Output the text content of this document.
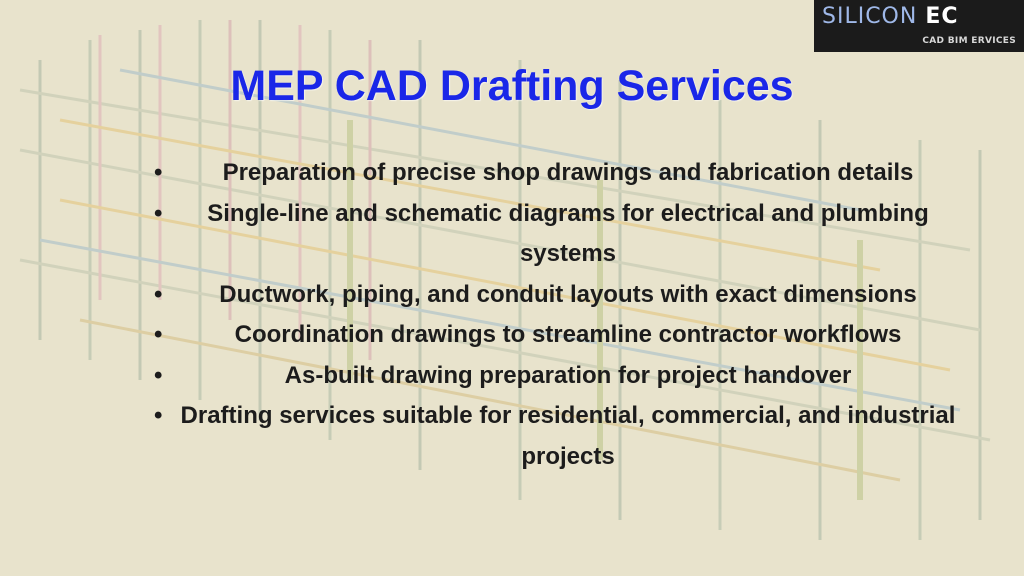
SILICON EC
CAD BIM ERVICES
MEP CAD Drafting Services
•	Preparation of precise shop drawings and fabrication details
• Single-line and schematic diagrams for electrical and plumbing systems
• Ductwork, piping, and conduit layouts with exact dimensions
•	Coordination drawings to streamline contractor workflows
•	As-built drawing preparation for project handover
• Drafting services suitable for residential, commercial, and industrial projects
